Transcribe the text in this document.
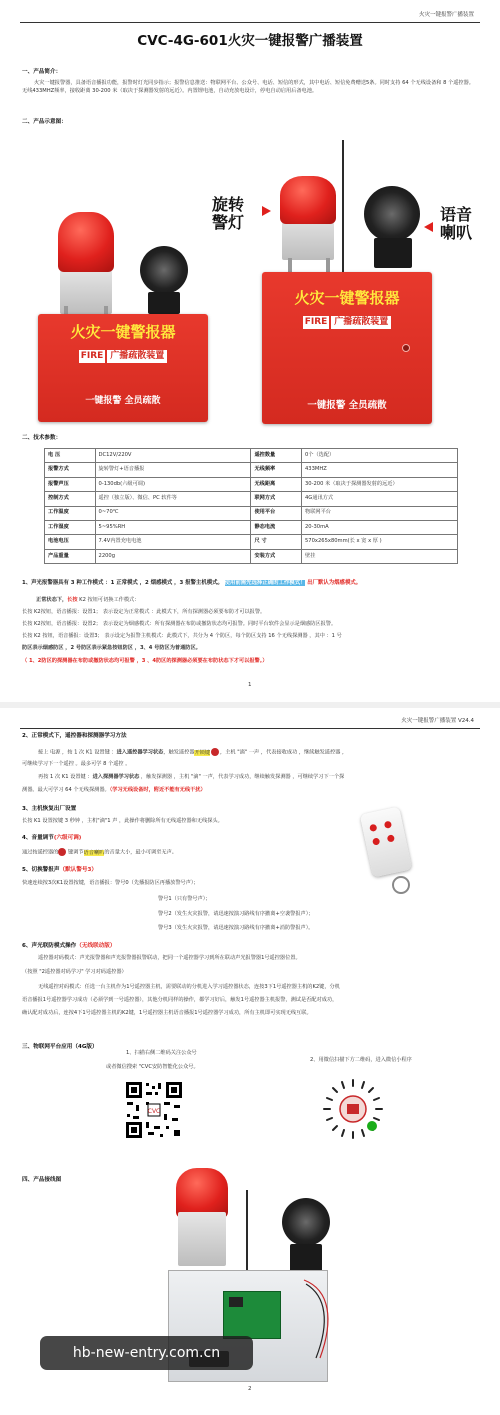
火灾一键报警广播装置
CVC-4G-601火灾一键报警广播装置
一、产品简介：
火灾一键报警器，具备语音播报功能，报警时灯光同步指示；报警信息推送：物联网平台、公众号、电话、短信的形式，其中电话、短信免费赠送5条。同时支持 64 个无线设备和 8 个遥控器。无线433MHZ频率，接收距离 30-200 米（取决于探测器发射的远近）。内置锂电池，自动充放电设计，停电自动启用后备电池。
二、产品示意图：
火灾一键警报器
FIRE 广播疏散装置
一键报警 全员疏散
火灾一键警报器
FIRE 广播疏散装置
一键报警 全员疏散
旋转
警灯	语音
喇叭
二、技术参数：
电 压	DC12V/220V	遥控数量	0个（选配）
报警方式	旋转警灯+语音播报	无线频率	433MHZ
报警声压	0-130db(六级可调)	无线距离	30-200 米（取决于探测器发射的远近）
控制方式	遥控（独立版）、微信、PC 软件等	联网方式	4G通讯方式
工作温度	0~70℃	使用平台	物联网平台
工作湿度	5~95%RH	静态电流	20-30mA
电池电压	7.4V内置充电电池	尺 寸	570x265x80mm(长 x 宽 x 厚 )
产品重量	2200g	安装方式	壁挂
1、声光报警器具有 3 种工作模式 ：1 正常模式 ，2 烟感模式 ，3 报警主机模式。 使用前需先选择正确的工作模式！ 出厂默认为烟感模式。
正常状态下，长按 K2 按钮可切换工作模式：
长按 K2按钮，语音播报：设置1； 表示设定为正常模式 ：此模式下，所有探测器必须要布防才可以报警。
长按 K2按钮，语音播报：设置2； 表示设定为烟感模式：所有探测器在布防或撤防状态均可报警。同时平台软件会显示是烟感防区报警。
长按 K2 按钮，语音播报：设置3； 表示设定为报警主机模式：此模式下，共分为 4 个防区，每个防区支持 16 个无线探测器 ，其中 ：1 号
防区表示烟感防区 ，2 号防区表示紧急按钮防区 ，3、4 号防区为普通防区。
（ 1、2防区的探测器在布防或撤防状态均可报警 ，3 、4防区的探测器必须要在布防状态下才可以报警。）
1
火灾一键报警广播装置 V24.4
2、正常模式下，遥控器和探测器学习方法
接上 电源 ，按 1 次 K1 设置键 ：进入遥控器学习状态，触发遥控器开锁键 ，主机 "滴" 一声 ，代表接收成功 ，继续触发遥控器 ，
可继续学习下一个遥控 。最多可学 8 个遥控 。
再按 1 次 K1 设置键 ：进入探测器学习状态 ，触发探测器 ，主机 "滴" 一声，代表学习成功，继续触发探测器 ，可继续学习下一个探
测器。最大可学习 64 个无线探测器。（学习无线设备时，附近不能有无线干扰）
3、主机恢复出厂设置
长按 K1 设置按键 3 秒钟 ，主机"滴"1 声 ，此操作将删除所有无线遥控器和无线探头。
4、音量调节(六级可调)
通过按遥控器的 键调节语音喇叭的音量大小，最小可调至无声。
5、切换警报声（默认警号3）
快速连续按3次K1设置按键，语音播报：警号0（先播报防区再播放警号声）；
警号1（只有警号声）；
警号2（发生火灾报警，请迅速按演习路线有序撤离+空袭警报声）；
警号3（发生火灾报警，请迅速按演习路线有序撤离+消防警报声）。
6、声光联防模式操作（无线联动版）
遥控器对码模式：声光报警器和声光报警器报警联动，把同一个遥控器学习到所在联动声光报警器1号遥控器位置。
（按照 "2遥控器对码学习" 学习对码遥控器）
无线遥控对码模式：任选一台主机作为1号遥控器主机，需要联动的分机进入学习遥控器状态，连按3下1号遥控器主机的K2键，分机
语音播报1号遥控器学习成功（必须学到一号遥控器），其他分机同样的操作，都学习好后，触发1号遥控器主机报警，测试是否配对成功，
确认配对成功后，连按4下1号遥控器主机的K2键，1号遥控器主机语音播报1号遥控器学习成功，所有主机即可实现无线互联。
三、物联网平台应用（4G版）
1、扫描右侧二维码关注公众号
或者微信搜索 "CVC安防智能化公众号。
2、用微信扫描下方二维码，进入微信小程序
CVC
四、产品接线图
2
hb-new-entry.com.cn
